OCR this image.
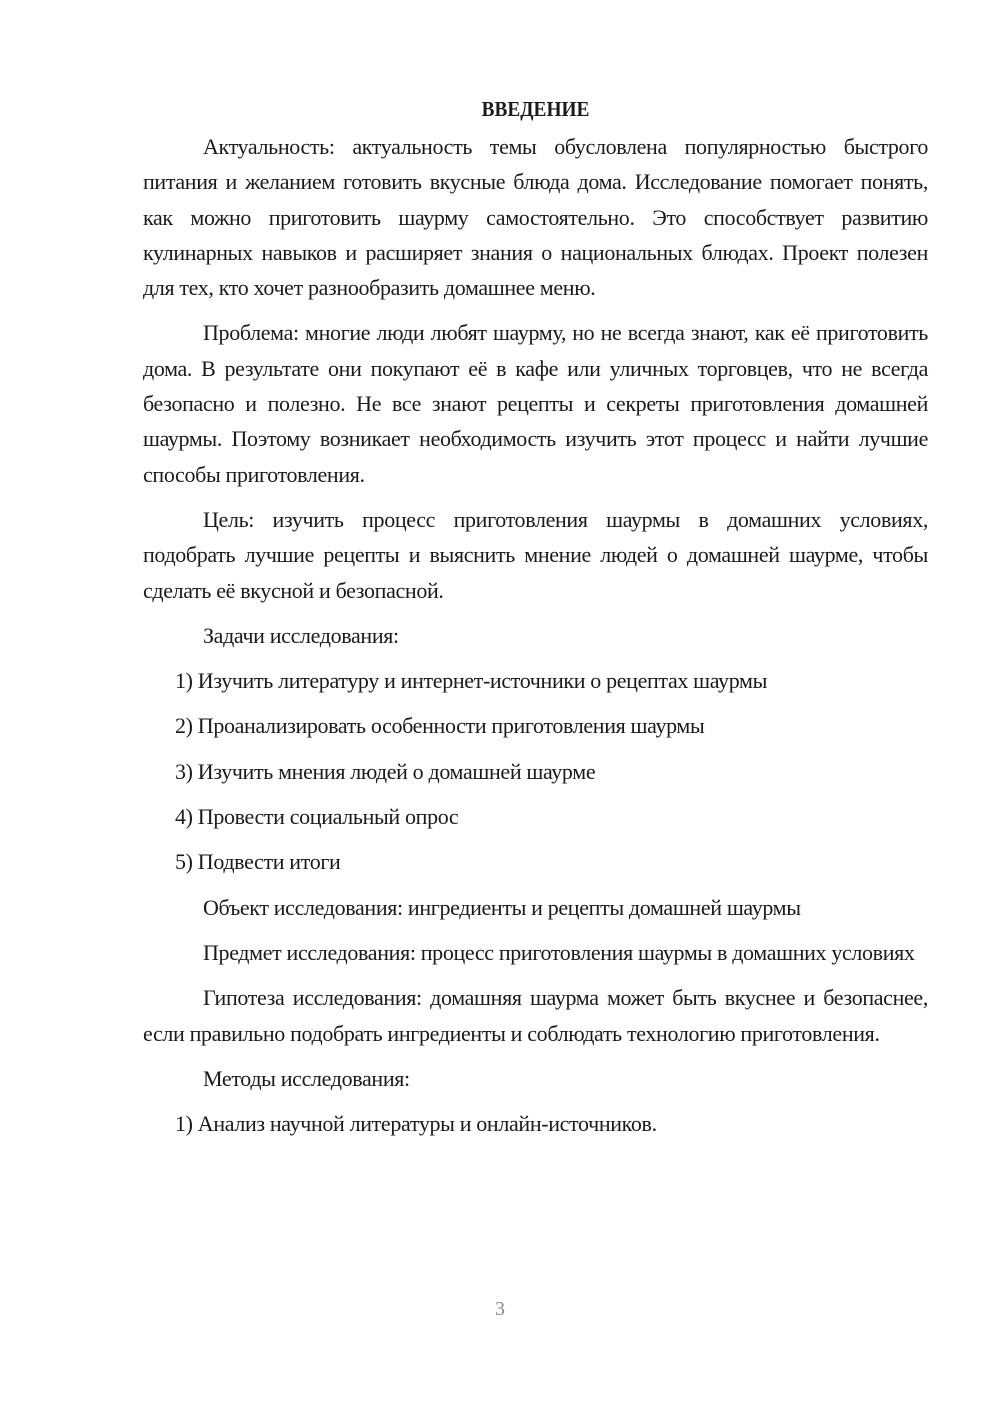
ВВЕДЕНИЕ

Актуальность: актуальность темы обусловлена популярностью быстрого питания и желанием готовить вкусные блюда дома. Исследование помогает понять, как можно приготовить шаурму самостоятельно. Это способствует развитию кулинарных навыков и расширяет знания о национальных блюдах. Проект полезен для тех, кто хочет разнообразить домашнее меню.

Проблема: многие люди любят шаурму, но не всегда знают, как её приготовить дома. В результате они покупают её в кафе или уличных торговцев, что не всегда безопасно и полезно. Не все знают рецепты и секреты приготовления домашней шаурмы. Поэтому возникает необходимость изучить этот процесс и найти лучшие способы приготовления.

Цель: изучить процесс приготовления шаурмы в домашних условиях, подобрать лучшие рецепты и выяснить мнение людей о домашней шаурме, чтобы сделать её вкусной и безопасной.

Задачи исследования:

1) Изучить литературу и интернет-источники о рецептах шаурмы

2) Проанализировать особенности приготовления шаурмы

3) Изучить мнения людей о домашней шаурме

4) Провести социальный опрос

5) Подвести итоги

Объект исследования: ингредиенты и рецепты домашней шаурмы

Предмет исследования: процесс приготовления шаурмы в домашних условиях

Гипотеза исследования: домашняя шаурма может быть вкуснее и безопаснее, если правильно подобрать ингредиенты и соблюдать технологию приготовления.

Методы исследования:

1) Анализ научной литературы и онлайн-источников.

3
